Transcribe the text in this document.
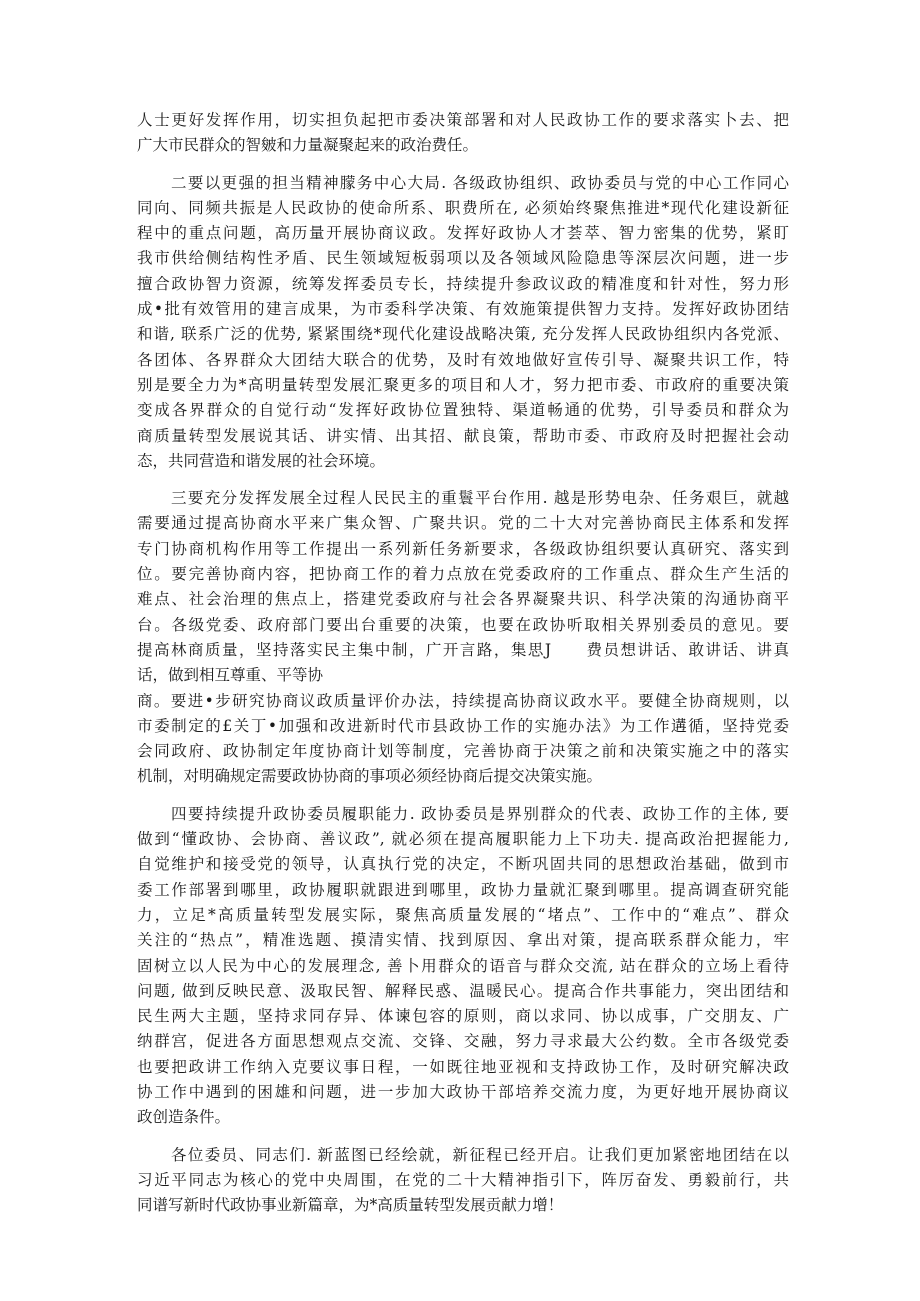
人士更好发挥作用，切实担负起把市委决策部署和对人民政协工作的要求落实卜去、把
广大市民群众的智皴和力量凝聚起来的政治费任。
二要以更强的担当精神朦务中心大局. 各级政协组织、政协委员与党的中心工作同心
同向、同频共振是人民政协的使命所系、职费所在, 必须始终聚焦推进*现代化建设新征
程中的重点问题，高历量开展协商议政。发挥好政协人才荟萃、智力密集的优势，紧盯
我市供给侧结构性矛盾、民生领域短板弱项以及各领域风险隐患等深层次问题，进一步
擅合政协智力资源，统筹发挥委员专长，持续提升参政议政的精准度和针对性，努力形
成•批有效管用的建言成果，为市委科学决策、有效施策提供智力支持。发挥好政协团结
和谐, 联系广泛的优势, 紧紧围绕*现代化建设战略决策, 充分发挥人民政协组织内各党派、
各团体、各界群众大团结大联合的优势，及时有效地做好宣传引导、凝聚共识工作，特
别是要全力为*高明量转型发展汇聚更多的项目和人才，努力把市委、市政府的重要决策
变成各界群众的自觉行动“发挥好政协位置独特、渠道畅通的优势，引导委员和群众为
商质量转型发展说其话、讲实情、出其招、献良策，帮助市委、市政府及时把握社会动
态，共同营造和谐发展的社会环境。
三要充分发挥发展全过程人民民主的重鬟平台作用. 越是形势电杂、任务艰巨，就越
需要通过提高协商水平来广集众智、广聚共识。党的二十大对完善协商民主体系和发挥
专门协商机构作用等工作提出一系列新任务新要求，各级政协组织要认真研究、落实到
位。要完善协商内容，把协商工作的着力点放在党委政府的工作重点、群众生产生活的
难点、社会治理的焦点上，搭建党委政府与社会各界凝聚共识、科学决策的沟通协商平
台。各级党委、政府部门要出台重要的决策，也要在政协听取相关界别委员的意见。要
提高林商质量，坚持落实民主集中制，广开言路，集思J　　费员想讲话、敢讲话、讲真
话，做到相互尊重、平等协
商。要进•步研究协商议政质量评价办法，持续提高协商议政水平。要健全协商规则，以
市委制定的£关丁•加强和改进新时代市县政协工作的实施办法》为工作遘循，坚持党委
会同政府、政协制定年度协商计划等制度，完善协商于决策之前和决策实施之中的落实
机制，对明确规定需要政协协商的事项必须经协商后提交决策实施。
四要持续提升政协委员履职能力. 政协委员是界别群众的代表、政协工作的主体, 要
做到“懂政协、会协商、善议政”, 就必须在提高履职能力上下功夫. 提高政治把握能力,
自觉维护和接受党的领导，认真执行党的决定，不断巩固共同的思想政治基础，做到市
委工作部署到哪里，政协履职就跟进到哪里，政协力量就汇聚到哪里。提高调查研究能
力，立足*高质量转型发展实际，聚焦高质量发展的“堵点”、工作中的“难点”、群众
关注的“热点”，精准选题、摸清实情、找到原因、拿出对策，提高联系群众能力，牢
固树立以人民为中心的发展理念, 善卜用群众的语音与群众交流, 站在群众的立场上看待
问题, 做到反映民意、汲取民智、解释民惑、温暖民心。提高合作共事能力，突出团结和
民生两大主题，坚持求同存异、体谏包容的原则，商以求同、协以成事，广交朋友、广
纳群宫，促进各方面思想观点交流、交锋、交融，努力寻求最大公约数。全市各级党委
也要把政讲工作纳入克要议事日程，一如既往地亚视和支持政协工作，及时研究解决政
协工作中遇到的困雄和问题，进一步加大政协干部培养交流力度，为更好地开展协商议
政创造条件。
各位委员、同志们. 新蓝图已经绘就，新征程已经开启。让我们更加紧密地团结在以
习近平同志为核心的党中央周围，在党的二十大精神指引下，阵厉奋发、勇毅前行，共
同谱写新时代政协事业新篇章，为*高质量转型发展贡献力增！
